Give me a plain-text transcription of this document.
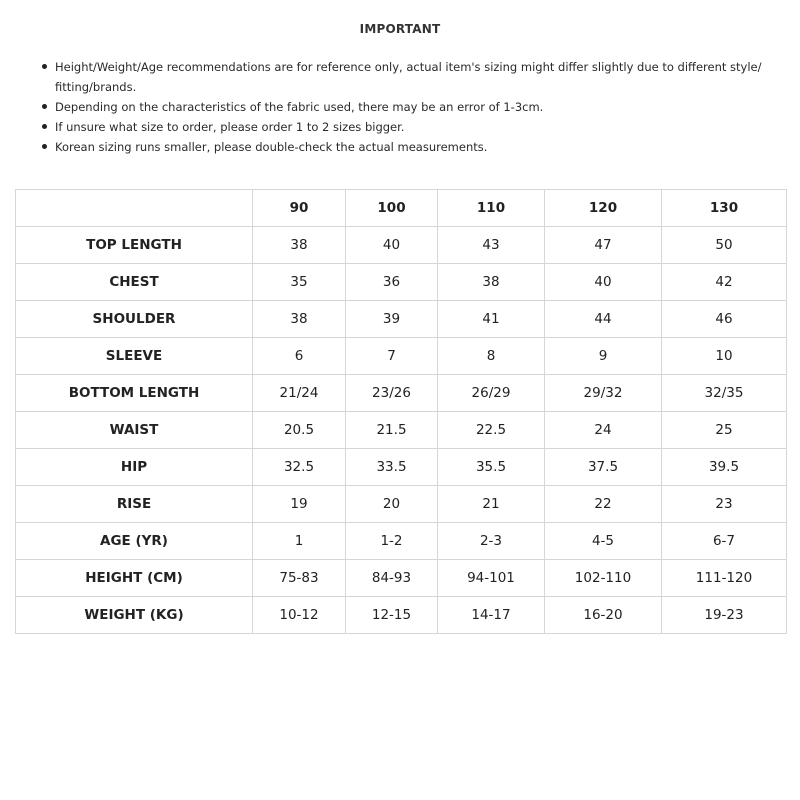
IMPORTANT
Height/Weight/Age recommendations are for reference only, actual item's sizing might differ slightly due to different style/ fitting/brands.
Depending on the characteristics of the fabric used, there may be an error of 1-3cm.
If unsure what size to order, please order 1 to 2 sizes bigger.
Korean sizing runs smaller, please double-check the actual measurements.
	90	100	110	120	130
TOP LENGTH	38	40	43	47	50
CHEST	35	36	38	40	42
SHOULDER	38	39	41	44	46
SLEEVE	6	7	8	9	10
BOTTOM LENGTH	21/24	23/26	26/29	29/32	32/35
WAIST	20.5	21.5	22.5	24	25
HIP	32.5	33.5	35.5	37.5	39.5
RISE	19	20	21	22	23
AGE (YR)	1	1-2	2-3	4-5	6-7
HEIGHT (CM)	75-83	84-93	94-101	102-110	111-120
WEIGHT (KG)	10-12	12-15	14-17	16-20	19-23
